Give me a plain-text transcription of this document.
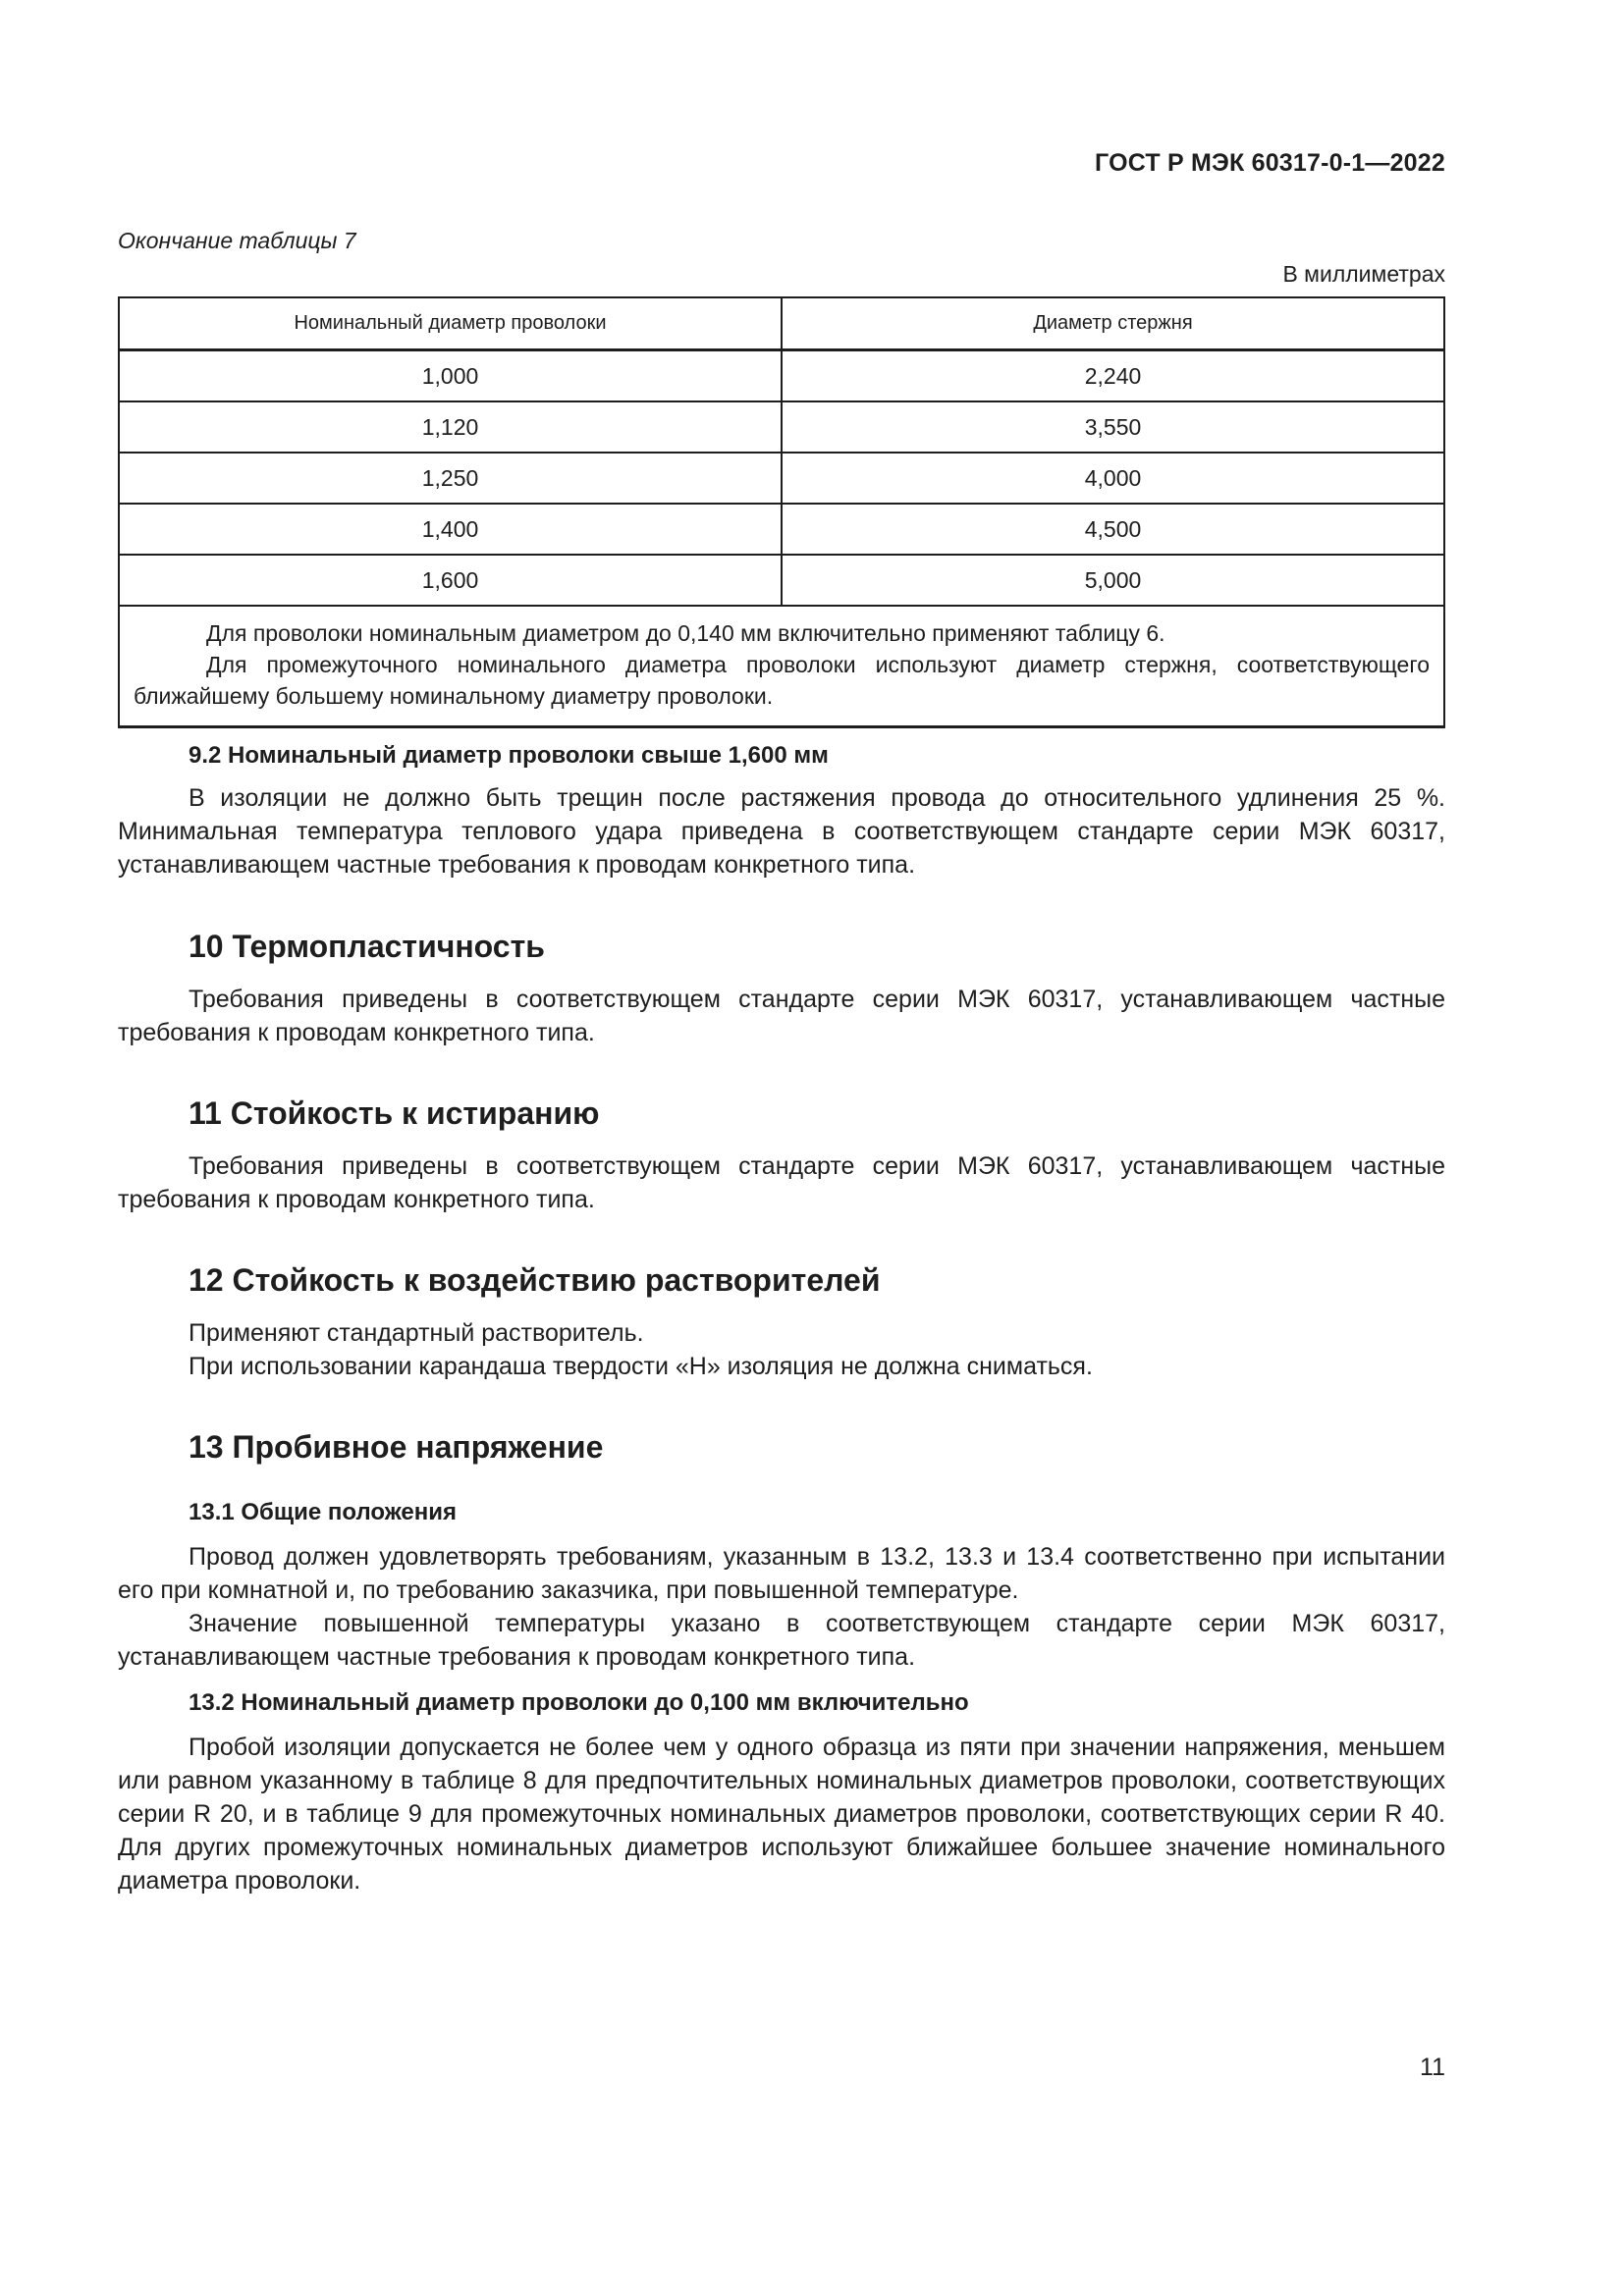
ГОСТ Р МЭК 60317-0-1—2022
Окончание таблицы 7
В миллиметрах
Номинальный диаметр проволоки	Диаметр стержня
1,000	2,240
1,120	3,550
1,250	4,000
1,400	4,500
1,600	5,000

Для проволоки номинальным диаметром до 0,140 мм включительно применяют таблицу 6.
Для промежуточного номинального диаметра проволоки используют диаметр стержня, соответствующего ближайшему большему номинальному диаметру проволоки.	
9.2 Номинальный диаметр проволоки свыше 1,600 мм

В изоляции не должно быть трещин после растяжения провода до относительного удлинения 25 %. Минимальная температура теплового удара приведена в соответствующем стандарте серии МЭК 60317, устанавливающем частные требования к проводам конкретного типа.

10 Термопластичность

Требования приведены в соответствующем стандарте серии МЭК 60317, устанавливающем частные требования к проводам конкретного типа.

11 Стойкость к истиранию

Требования приведены в соответствующем стандарте серии МЭК 60317, устанавливающем частные требования к проводам конкретного типа.

12 Стойкость к воздействию растворителей
Применяют стандартный растворитель.
При использовании карандаша твердости «Н» изоляция не должна сниматься.
13 Пробивное напряжение
13.1 Общие положения

Провод должен удовлетворять требованиям, указанным в 13.2, 13.3 и 13.4 соответственно при испытании его при комнатной и, по требованию заказчика, при повышенной температуре.

Значение повышенной температуры указано в соответствующем стандарте серии МЭК 60317, устанавливающем частные требования к проводам конкретного типа.

13.2 Номинальный диаметр проволоки до 0,100 мм включительно

Пробой изоляции допускается не более чем у одного образца из пяти при значении напряжения, меньшем или равном указанному в таблице 8 для предпочтительных номинальных диаметров проволоки, соответствующих серии R 20, и в таблице 9 для промежуточных номинальных диаметров проволоки, соответствующих серии R 40. Для других промежуточных номинальных диаметров используют ближайшее большее значение номинального диаметра проволоки.

11
